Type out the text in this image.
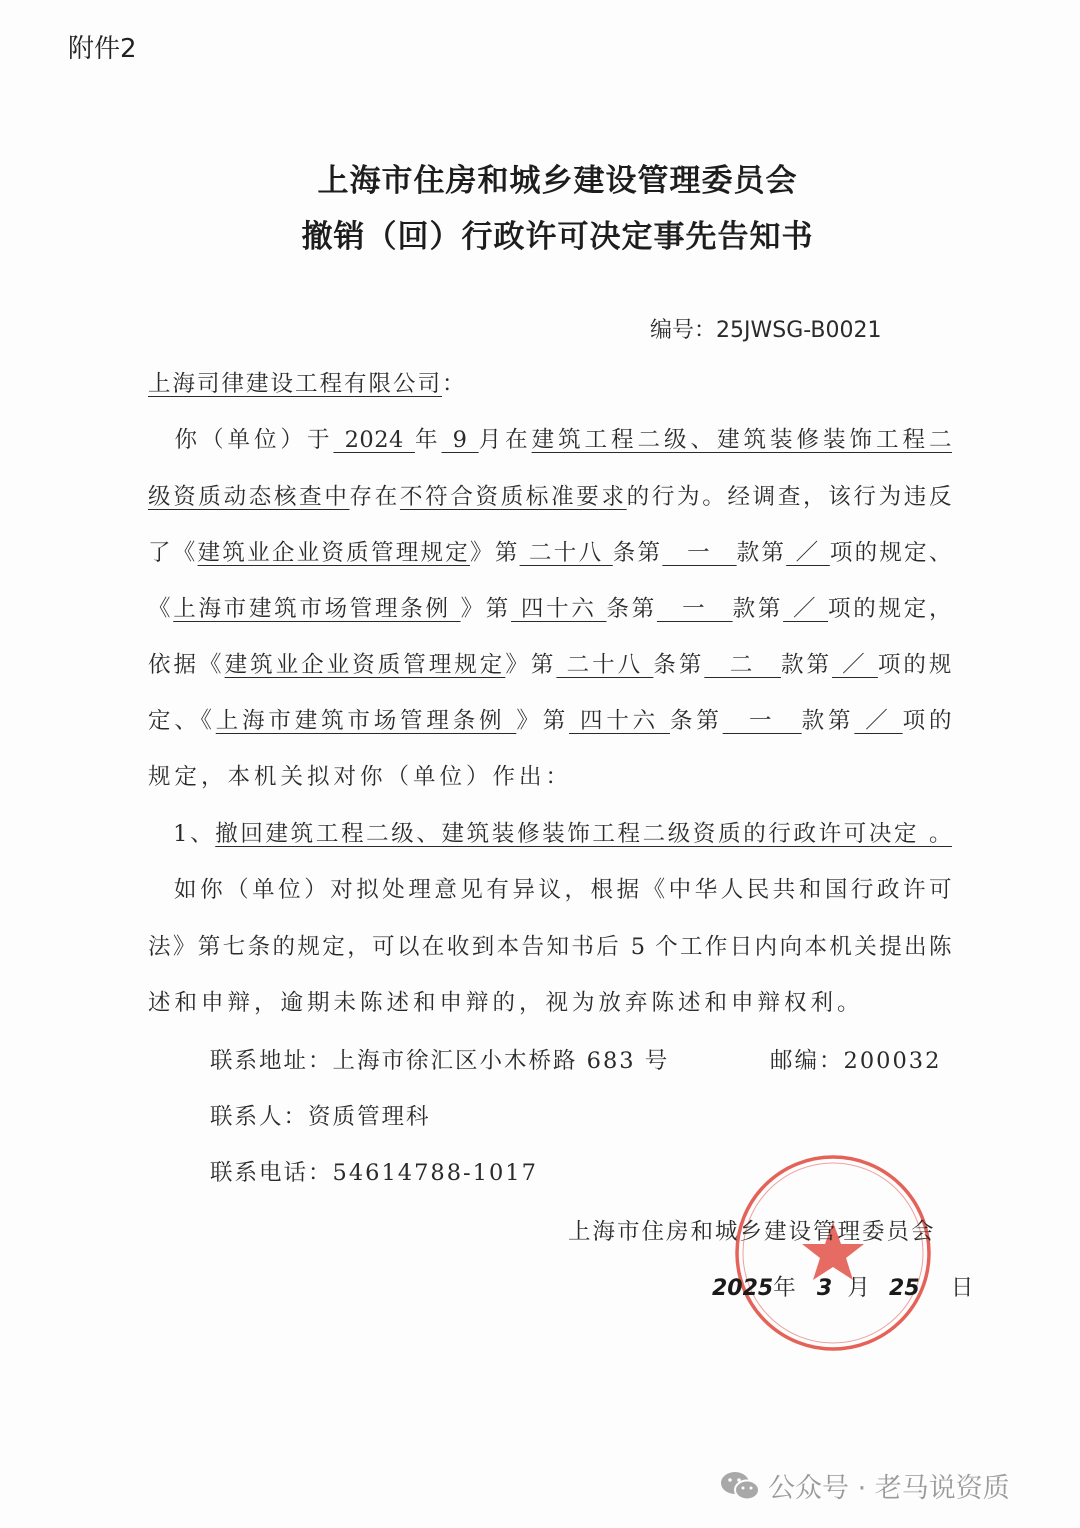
附件2
上海市住房和城乡建设管理委员会
撤销（回）行政许可决定事先告知书
编号：25JWSG-B0021
上海司律建设工程有限公司：
　你（单位）于 2024 年 9 月在建筑工程二级、建筑装修装饰工程二
级资质动态核查中存在不符合资质标准要求的行为。经调查，该行为违反
了《建筑业企业资质管理规定》第 二十八 条第　一　款第 ／ 项的规定、
《上海市建筑市场管理条例 》第 四十六 条第　一　款第 ／ 项的规定，
依据《建筑业企业资质管理规定》第 二十八 条第　二　款第 ／ 项的规
定、《上海市建筑市场管理条例 》第 四十六 条第　一　款第 ／ 项的
规定，本机关拟对你（单位）作出：
　1、撤回建筑工程二级、建筑装修装饰工程二级资质的行政许可决定 。
　如你（单位）对拟处理意见有异议，根据《中华人民共和国行政许可
法》第七条的规定，可以在收到本告知书后 5 个工作日内向本机关提出陈
述和申辩，逾期未陈述和申辩的，视为放弃陈述和申辩权利。
联系地址：上海市徐汇区小木桥路 683 号	邮编：200032
联系人：资质管理科
联系电话：54614788-1017
上海市住房和城乡建设管理委员会
2025年 3 月 25 日
公众号 · 老马说资质
